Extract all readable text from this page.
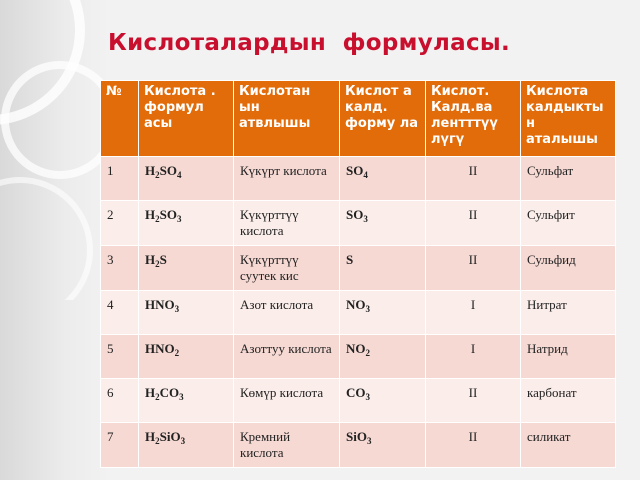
Кислоталардын  формуласы.
№	Кислота . формул асы	Кислотан ын атвлышы	Кислот а калд. форму ла	Кислот. Калд.ва лентттүү лүгү	Кислота калдыкты н аталышы
1	$H_2SO_4$	Күкүрт кислота	$SO_4$	II	Сульфат
2	$H_2SO_3$	Күкүрттүү кислота	$SO_3$	II	Сульфит
3	$H_2S$	Күкүрттүү суутек кис	S	II	Сульфид
4	$HNO_3$	Азот кислота	$NO_3$	I	Нитрат
5	$HNO_2$	Азоттуу кислота	$NO_2$	I	Натрид
6	$H_2CO_3$	Көмүр кислота	$CO_3$	II	карбонат
7	$H_2SiO_3$	Кремний кислота	SiO$_3$	II	силикат
